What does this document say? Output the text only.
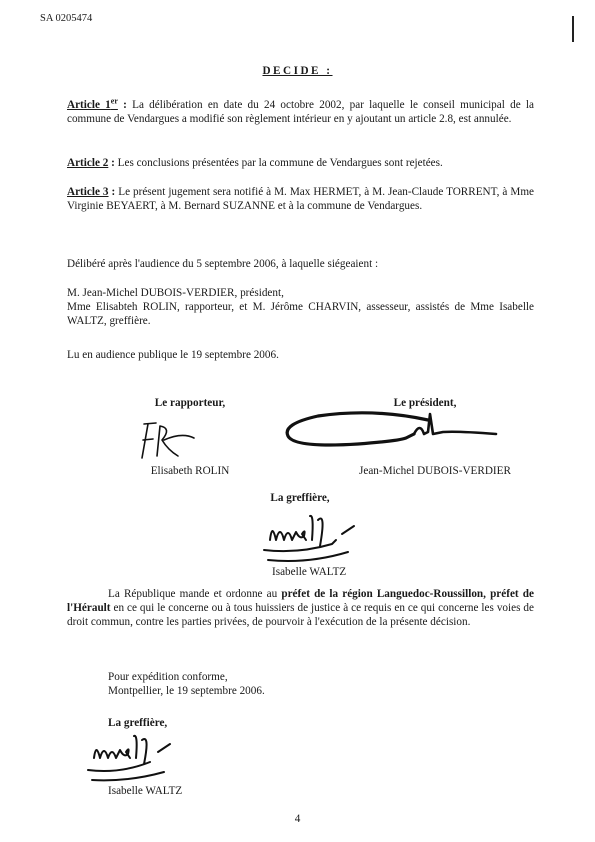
SA 0205474
DECIDE :
Article 1er : La délibération en date du 24 octobre 2002, par laquelle le conseil municipal de la commune de Vendargues a modifié son règlement intérieur en y ajoutant un article 2.8, est annulée.
Article 2 : Les conclusions présentées par la commune de Vendargues sont rejetées.
Article 3 : Le présent jugement sera notifié à M. Max HERMET, à M. Jean-Claude TORRENT, à Mme Virginie BEYAERT, à M. Bernard SUZANNE et à la commune de Vendargues.
Délibéré après l'audience du 5 septembre 2006, à laquelle siégeaient :
M. Jean-Michel DUBOIS-VERDIER, président,
Mme Elisabteh ROLIN, rapporteur, et M. Jérôme CHARVIN, assesseur, assistés de Mme Isabelle WALTZ, greffière.
Lu en audience publique le 19 septembre 2006.
Le rapporteur,
Elisabeth ROLIN
Le président,
Jean-Michel DUBOIS-VERDIER
La greffière,
Isabelle WALTZ
La République mande et ordonne au préfet de la région Languedoc-Roussillon, préfet de l'Hérault en ce qui le concerne ou à tous huissiers de justice à ce requis en ce qui concerne les voies de droit commun, contre les parties privées, de pourvoir à l'exécution de la présente décision.
Pour expédition conforme,
Montpellier, le 19 septembre 2006.
La greffière,
Isabelle WALTZ
4
